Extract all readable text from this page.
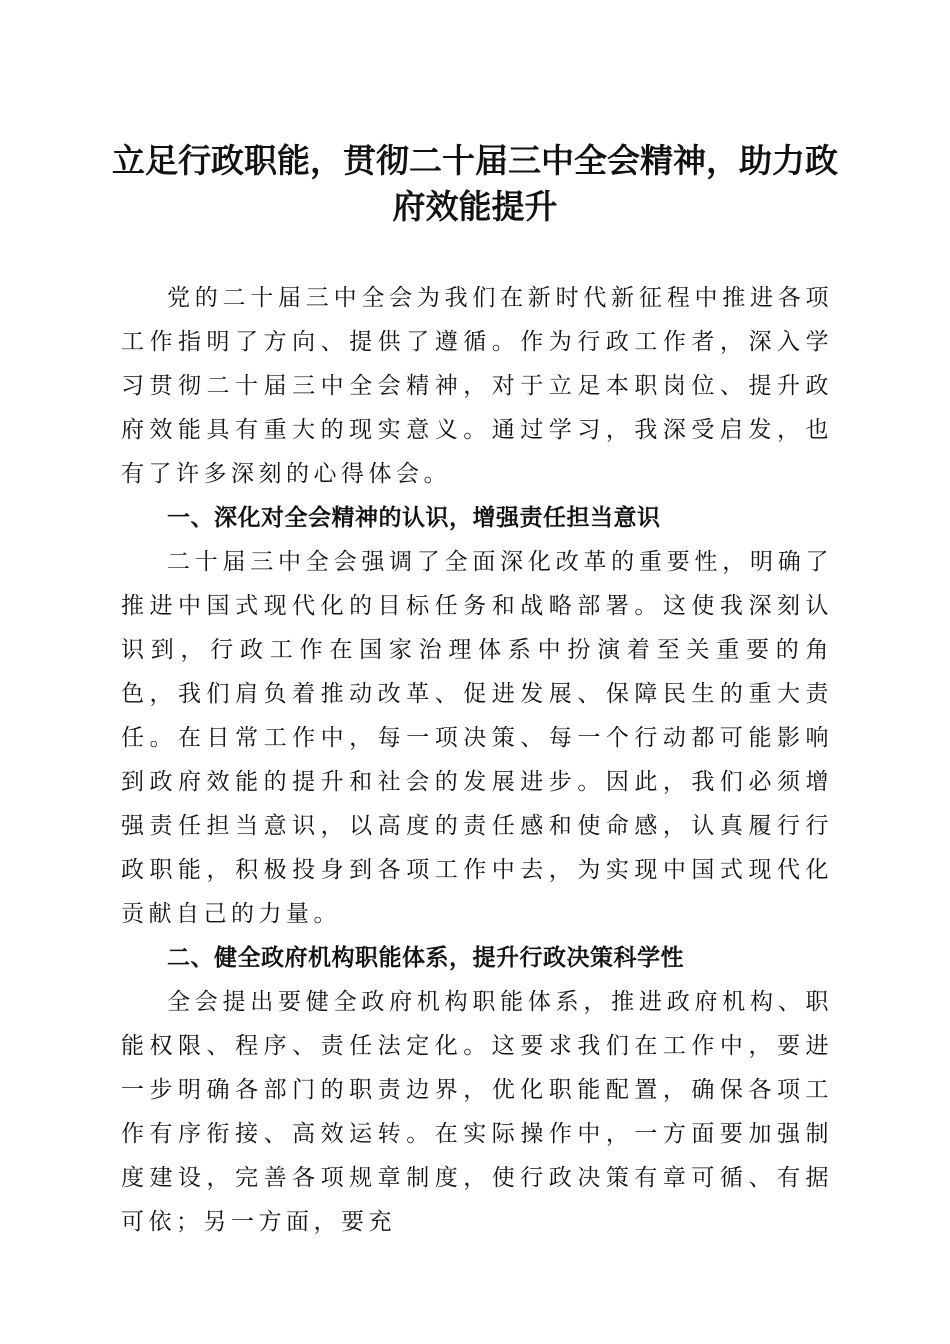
立足行政职能，贯彻二十届三中全会精神，助力政府效能提升

党的二十届三中全会为我们在新时代新征程中推进各项工作指明了方向、提供了遵循。作为行政工作者，深入学习贯彻二十届三中全会精神，对于立足本职岗位、提升政府效能具有重大的现实意义。通过学习，我深受启发，也有了许多深刻的心得体会。

一、深化对全会精神的认识，增强责任担当意识

二十届三中全会强调了全面深化改革的重要性，明确了推进中国式现代化的目标任务和战略部署。这使我深刻认识到，行政工作在国家治理体系中扮演着至关重要的角色，我们肩负着推动改革、促进发展、保障民生的重大责任。在日常工作中，每一项决策、每一个行动都可能影响到政府效能的提升和社会的发展进步。因此，我们必须增强责任担当意识，以高度的责任感和使命感，认真履行行政职能，积极投身到各项工作中去，为实现中国式现代化贡献自己的力量。

二、健全政府机构职能体系，提升行政决策科学性

全会提出要健全政府机构职能体系，推进政府机构、职能权限、程序、责任法定化。这要求我们在工作中，要进一步明确各部门的职责边界，优化职能配置，确保各项工作有序衔接、高效运转。在实际操作中，一方面要加强制度建设，完善各项规章制度，使行政决策有章可循、有据可依；另一方面，要充
